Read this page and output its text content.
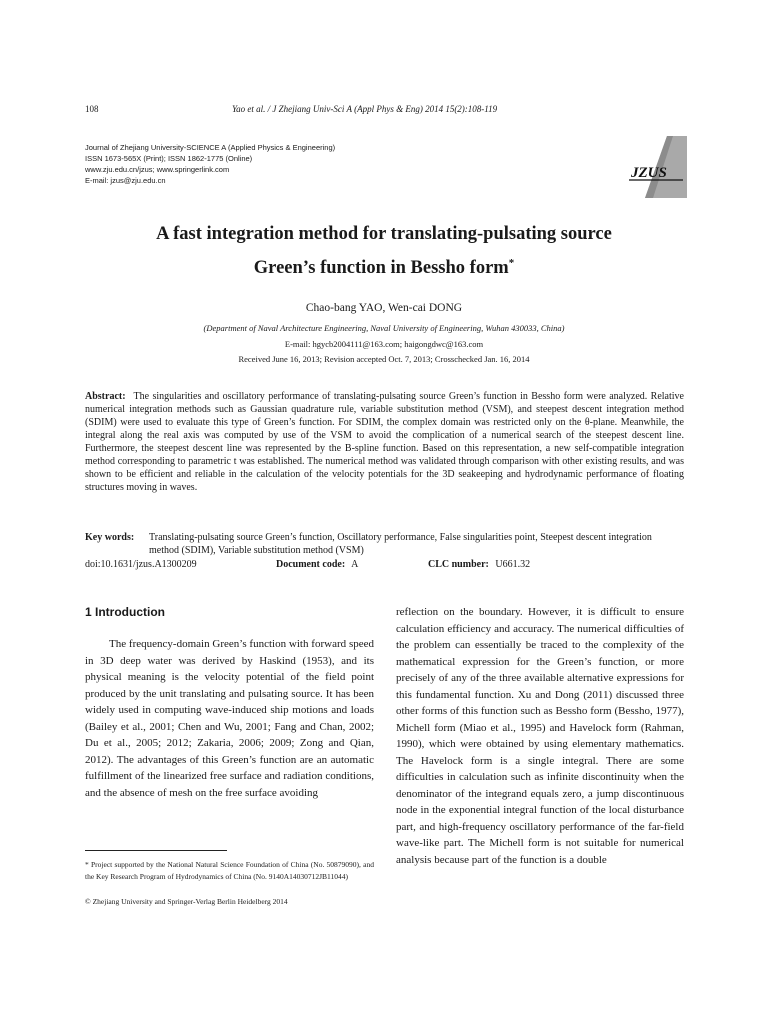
108	Yao et al. / J Zhejiang Univ-Sci A (Appl Phys & Eng) 2014 15(2):108-119
Journal of Zhejiang University-SCIENCE A (Applied Physics & Engineering)
ISSN 1673-565X (Print); ISSN 1862-1775 (Online)
www.zju.edu.cn/jzus; www.springerlink.com
E-mail: jzus@zju.edu.cn	JZUS
A fast integration method for translating-pulsating source
Green’s function in Bessho form*
Chao-bang YAO, Wen-cai DONG
(Department of Naval Architecture Engineering, Naval University of Engineering, Wuhan 430033, China)
E-mail: hgycb2004111@163.com; haigongdwc@163.com
Received June 16, 2013; Revision accepted Oct. 7, 2013; Crosschecked Jan. 16, 2014
Abstract: The singularities and oscillatory performance of translating-pulsating source Green’s function in Bessho form were analyzed. Relative numerical integration methods such as Gaussian quadrature rule, variable substitution method (VSM), and steepest descent integration method (SDIM) were used to evaluate this type of Green’s function. For SDIM, the complex domain was restricted only on the θ-plane. Meanwhile, the integral along the real axis was computed by use of the VSM to avoid the complication of a numerical search of the steepest descent line. Furthermore, the steepest descent line was represented by the B-spline function. Based on this representation, a new self-compatible integration method corresponding to parametric t was established. The numerical method was validated through comparison with other existing results, and was shown to be efficient and reliable in the calculation of the velocity potentials for the 3D seakeeping and hydrodynamic performance of floating structures moving in waves.
Key words: Translating-pulsating source Green’s function, Oscillatory performance, False singularities point, Steepest descent integration method (SDIM), Variable substitution method (VSM)
doi:10.1631/jzus.A1300209	Document code: A	CLC number: U661.32
1 Introduction

The frequency-domain Green’s function with forward speed in 3D deep water was derived by Haskind (1953), and its physical meaning is the velocity potential of the field point produced by the unit translating and pulsating source. It has been widely used in computing wave-induced ship motions and loads (Bailey et al., 2001; Chen and Wu, 2001; Fang and Chan, 2002; Du et al., 2005; 2012; Zakaria, 2006; 2009; Zong and Qian, 2012). The advantages of this Green’s function are an automatic fulfillment of the linearized free surface and radiation conditions, and the absence of mesh on the free surface avoiding

reflection on the boundary. However, it is difficult to ensure calculation efficiency and accuracy. The numerical difficulties of the problem can essentially be traced to the complexity of the mathematical expression for the Green’s function, or more precisely of any of the three available alternative expressions for this fundamental function. Xu and Dong (2011) discussed three other forms of this function such as Bessho form (Bessho, 1977), Michell form (Miao et al., 1995) and Havelock form (Rahman, 1990), which were obtained by using elementary mathematics. The Havelock form is a single integral. There are some difficulties in calculation such as infinite discontinuity when the denominator of the integrand equals zero, a jump discontinuous node in the exponential integral function of the local disturbance part, and high-frequency oscillatory performance of the far-field wave-like part. The Michell form is not suitable for numerical analysis because part of the function is a double

* Project supported by the National Natural Science Foundation of China (No. 50879090), and the Key Research Program of Hydrodynamics of China (No. 9140A14030712JB11044)
© Zhejiang University and Springer-Verlag Berlin Heidelberg 2014
